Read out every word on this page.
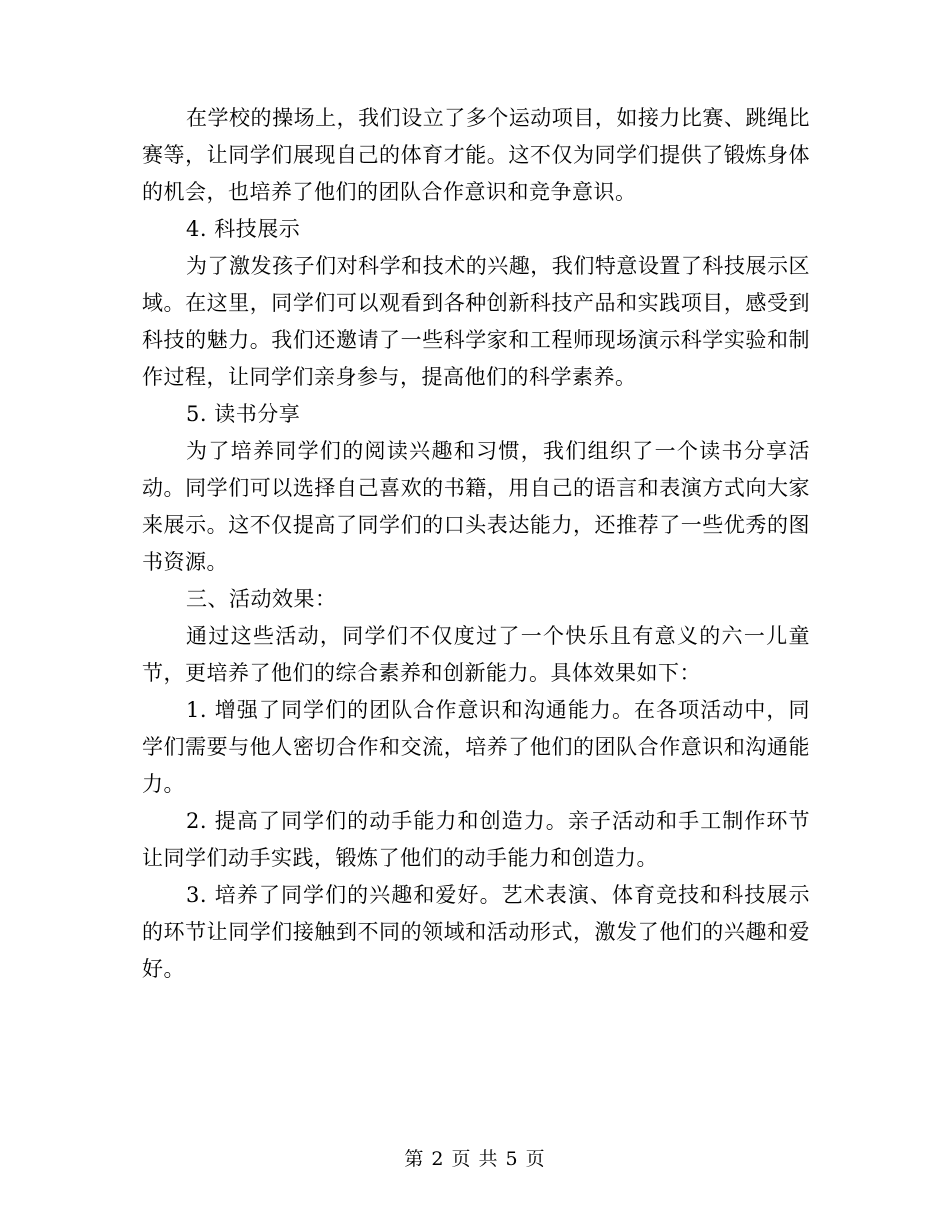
在学校的操场上，我们设立了多个运动项目，如接力比赛、跳绳比赛等，让同学们展现自己的体育才能。这不仅为同学们提供了锻炼身体的机会，也培养了他们的团队合作意识和竞争意识。

4. 科技展示

为了激发孩子们对科学和技术的兴趣，我们特意设置了科技展示区域。在这里，同学们可以观看到各种创新科技产品和实践项目，感受到科技的魅力。我们还邀请了一些科学家和工程师现场演示科学实验和制作过程，让同学们亲身参与，提高他们的科学素养。

5. 读书分享

为了培养同学们的阅读兴趣和习惯，我们组织了一个读书分享活动。同学们可以选择自己喜欢的书籍，用自己的语言和表演方式向大家来展示。这不仅提高了同学们的口头表达能力，还推荐了一些优秀的图书资源。

三、活动效果：

通过这些活动，同学们不仅度过了一个快乐且有意义的六一儿童节，更培养了他们的综合素养和创新能力。具体效果如下：

1. 增强了同学们的团队合作意识和沟通能力。在各项活动中，同学们需要与他人密切合作和交流，培养了他们的团队合作意识和沟通能力。

2. 提高了同学们的动手能力和创造力。亲子活动和手工制作环节让同学们动手实践，锻炼了他们的动手能力和创造力。

3. 培养了同学们的兴趣和爱好。艺术表演、体育竞技和科技展示的环节让同学们接触到不同的领域和活动形式，激发了他们的兴趣和爱好。

第 2 页 共 5 页
